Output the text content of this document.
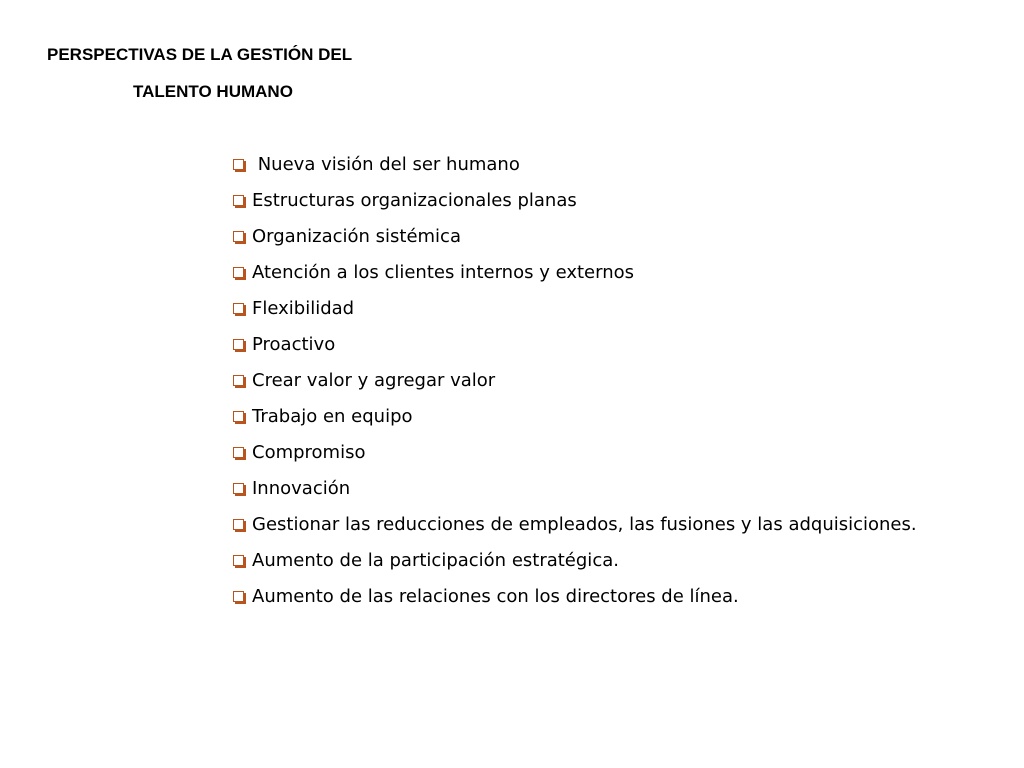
PERSPECTIVAS DE LA GESTIÓN DEL
TALENTO HUMANO
Nueva visión del ser humano
Estructuras organizacionales planas
Organización sistémica
Atención a los clientes internos y externos
Flexibilidad
Proactivo
Crear valor y agregar valor
Trabajo en equipo
Compromiso
Innovación
Gestionar las reducciones de empleados, las fusiones y las adquisiciones.
Aumento de la participación estratégica.
Aumento de las relaciones con los directores de línea.
